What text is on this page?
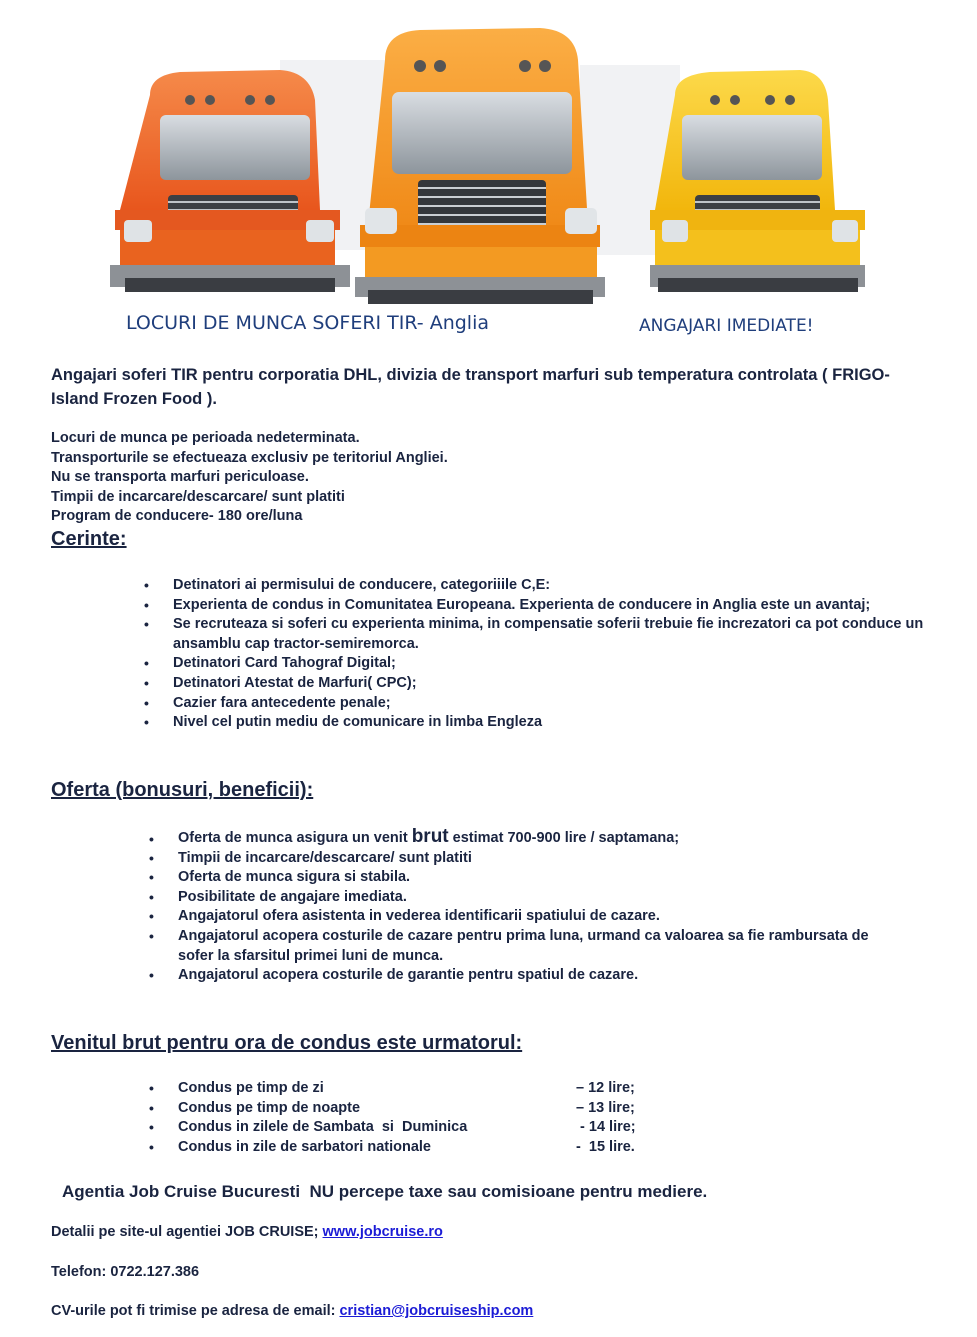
LOCURI DE MUNCA SOFERI TIR- Anglia	ANGAJARI IMEDIATE!
Angajari soferi TIR pentru corporatia DHL, divizia de transport marfuri sub temperatura controlata ( FRIGO- Island Frozen Food ).
Locuri de munca pe perioada nedeterminata.
Transporturile se efectueaza exclusiv pe teritoriul Angliei.
Nu se transporta marfuri periculoase.
Timpii de incarcare/descarcare/ sunt platiti
Program de conducere- 180 ore/luna
Cerinte:
• Detinatori ai permisului de conducere, categoriiile C,E:
• Experienta de condus in Comunitatea Europeana. Experienta de conducere in Anglia este un avantaj;
• Se recruteaza si soferi cu experienta minima, in compensatie soferii trebuie fie increzatori ca pot conduce un ansamblu cap tractor-semiremorca.
• Detinatori Card Tahograf Digital;
• Detinatori Atestat de Marfuri( CPC);
• Cazier fara antecedente penale;
• Nivel cel putin mediu de comunicare in limba Engleza
Oferta (bonusuri, beneficii):
• Oferta de munca asigura un venit brut estimat 700-900 lire / saptamana;
• Timpii de incarcare/descarcare/ sunt platiti
• Oferta de munca sigura si stabila.
• Posibilitate de angajare imediata.
• Angajatorul ofera asistenta in vederea identificarii spatiului de cazare.
• Angajatorul acopera costurile de cazare pentru prima luna, urmand ca valoarea sa fie rambursata de sofer la sfarsitul primei luni de munca.
• Angajatorul acopera costurile de garantie pentru spatiul de cazare.
Venitul brut pentru ora de condus este urmatorul:
• Condus pe timp de zi	– 12 lire;
• Condus pe timp de noapte	– 13 lire;
• Condus in zilele de Sambata  si  Duminica	- 14 lire;
• Condus in zile de sarbatori nationale	-  15 lire.
Agentia Job Cruise Bucuresti  NU percepe taxe sau comisioane pentru mediere.
Detalii pe site-ul agentiei JOB CRUISE; www.jobcruise.ro
Telefon: 0722.127.386
CV-urile pot fi trimise pe adresa de email: cristian@jobcruiseship.com
